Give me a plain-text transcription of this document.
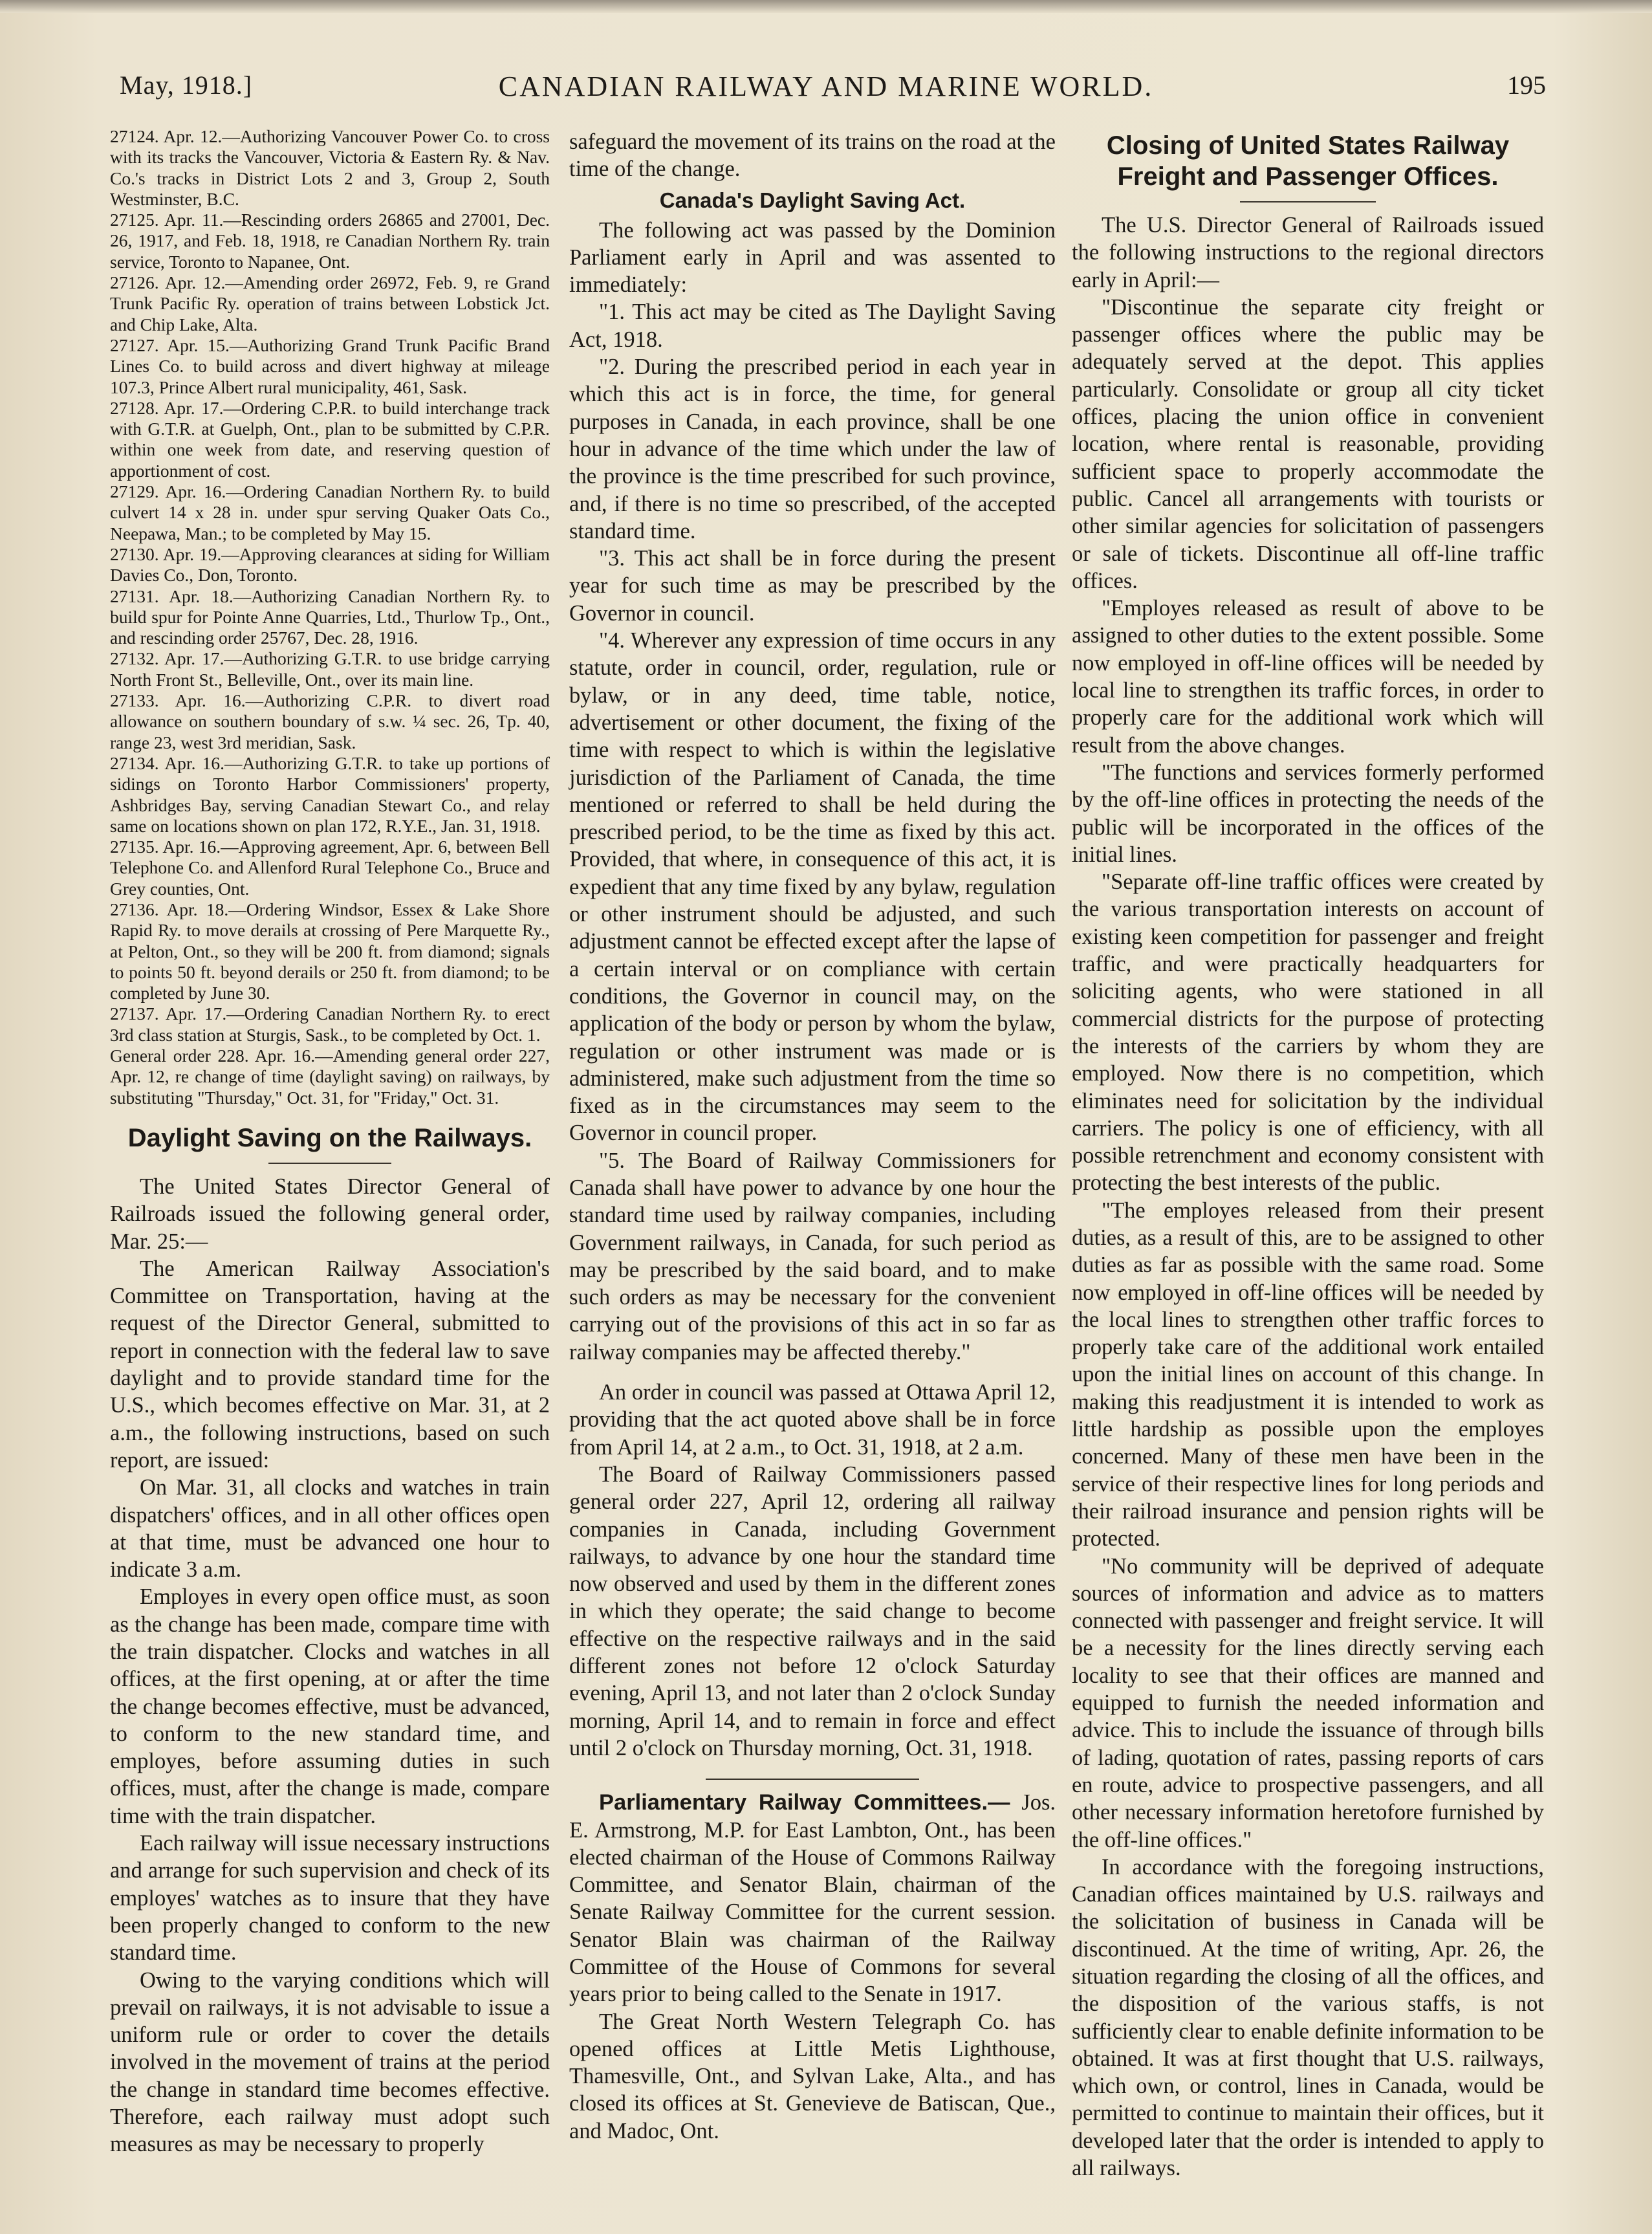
May, 1918.]	CANADIAN RAILWAY AND MARINE WORLD.	195

27124. Apr. 12.—Authorizing Vancouver Power Co. to cross with its tracks the Vancouver, Victoria & Eastern Ry. & Nav. Co.'s tracks in District Lots 2 and 3, Group 2, South Westminster, B.C.

27125. Apr. 11.—Rescinding orders 26865 and 27001, Dec. 26, 1917, and Feb. 18, 1918, re Canadian Northern Ry. train service, Toronto to Napanee, Ont.

27126. Apr. 12.—Amending order 26972, Feb. 9, re Grand Trunk Pacific Ry. operation of trains between Lobstick Jct. and Chip Lake, Alta.

27127. Apr. 15.—Authorizing Grand Trunk Pacific Brand Lines Co. to build across and divert highway at mileage 107.3, Prince Albert rural municipality, 461, Sask.

27128. Apr. 17.—Ordering C.P.R. to build interchange track with G.T.R. at Guelph, Ont., plan to be submitted by C.P.R. within one week from date, and reserving question of apportionment of cost.

27129. Apr. 16.—Ordering Canadian Northern Ry. to build culvert 14 x 28 in. under spur serving Quaker Oats Co., Neepawa, Man.; to be completed by May 15.

27130. Apr. 19.—Approving clearances at siding for William Davies Co., Don, Toronto.

27131. Apr. 18.—Authorizing Canadian Northern Ry. to build spur for Pointe Anne Quarries, Ltd., Thurlow Tp., Ont., and rescinding order 25767, Dec. 28, 1916.

27132. Apr. 17.—Authorizing G.T.R. to use bridge carrying North Front St., Belleville, Ont., over its main line.

27133. Apr. 16.—Authorizing C.P.R. to divert road allowance on southern boundary of s.w. ¼ sec. 26, Tp. 40, range 23, west 3rd meridian, Sask.

27134. Apr. 16.—Authorizing G.T.R. to take up portions of sidings on Toronto Harbor Commissioners' property, Ashbridges Bay, serving Canadian Stewart Co., and relay same on locations shown on plan 172, R.Y.E., Jan. 31, 1918.

27135. Apr. 16.—Approving agreement, Apr. 6, between Bell Telephone Co. and Allenford Rural Telephone Co., Bruce and Grey counties, Ont.

27136. Apr. 18.—Ordering Windsor, Essex & Lake Shore Rapid Ry. to move derails at crossing of Pere Marquette Ry., at Pelton, Ont., so they will be 200 ft. from diamond; signals to points 50 ft. beyond derails or 250 ft. from diamond; to be completed by June 30.

27137. Apr. 17.—Ordering Canadian Northern Ry. to erect 3rd class station at Sturgis, Sask., to be completed by Oct. 1.

General order 228. Apr. 16.—Amending general order 227, Apr. 12, re change of time (daylight saving) on railways, by substituting "Thursday," Oct. 31, for "Friday," Oct. 31.

Daylight Saving on the Railways.

The United States Director General of Railroads issued the following general order, Mar. 25:—

The American Railway Association's Committee on Transportation, having at the request of the Director General, submitted to report in connection with the federal law to save daylight and to provide standard time for the U.S., which becomes effective on Mar. 31, at 2 a.m., the following instructions, based on such report, are issued:

On Mar. 31, all clocks and watches in train dispatchers' offices, and in all other offices open at that time, must be advanced one hour to indicate 3 a.m.

Employes in every open office must, as soon as the change has been made, compare time with the train dispatcher. Clocks and watches in all offices, at the first opening, at or after the time the change becomes effective, must be advanced, to conform to the new standard time, and employes, before assuming duties in such offices, must, after the change is made, compare time with the train dispatcher.

Each railway will issue necessary instructions and arrange for such supervision and check of its employes' watches as to insure that they have been properly changed to conform to the new standard time.

Owing to the varying conditions which will prevail on railways, it is not advisable to issue a uniform rule or order to cover the details involved in the movement of trains at the period the change in standard time becomes effective. Therefore, each railway must adopt such measures as may be necessary to properly

safeguard the movement of its trains on the road at the time of the change.

Canada's Daylight Saving Act.

The following act was passed by the Dominion Parliament early in April and was assented to immediately:

"1. This act may be cited as The Daylight Saving Act, 1918.

"2. During the prescribed period in each year in which this act is in force, the time, for general purposes in Canada, in each province, shall be one hour in advance of the time which under the law of the province is the time prescribed for such province, and, if there is no time so prescribed, of the accepted standard time.

"3. This act shall be in force during the present year for such time as may be prescribed by the Governor in council.

"4. Wherever any expression of time occurs in any statute, order in council, order, regulation, rule or bylaw, or in any deed, time table, notice, advertisement or other document, the fixing of the time with respect to which is within the legislative jurisdiction of the Parliament of Canada, the time mentioned or referred to shall be held during the prescribed period, to be the time as fixed by this act. Provided, that where, in consequence of this act, it is expedient that any time fixed by any bylaw, regulation or other instrument should be adjusted, and such adjustment cannot be effected except after the lapse of a certain interval or on compliance with certain conditions, the Governor in council may, on the application of the body or person by whom the bylaw, regulation or other instrument was made or is administered, make such adjustment from the time so fixed as in the circumstances may seem to the Governor in council proper.

"5. The Board of Railway Commissioners for Canada shall have power to advance by one hour the standard time used by railway companies, including Government railways, in Canada, for such period as may be prescribed by the said board, and to make such orders as may be necessary for the convenient carrying out of the provisions of this act in so far as railway companies may be affected thereby."

An order in council was passed at Ottawa April 12, providing that the act quoted above shall be in force from April 14, at 2 a.m., to Oct. 31, 1918, at 2 a.m.

The Board of Railway Commissioners passed general order 227, April 12, ordering all railway companies in Canada, including Government railways, to advance by one hour the standard time now observed and used by them in the different zones in which they operate; the said change to become effective on the respective railways and in the said different zones not before 12 o'clock Saturday evening, April 13, and not later than 2 o'clock Sunday morning, April 14, and to remain in force and effect until 2 o'clock on Thursday morning, Oct. 31, 1918.

Parliamentary Railway Committees.— Jos. E. Armstrong, M.P. for East Lambton, Ont., has been elected chairman of the House of Commons Railway Committee, and Senator Blain, chairman of the Senate Railway Committee for the current session. Senator Blain was chairman of the Railway Committee of the House of Commons for several years prior to being called to the Senate in 1917.

The Great North Western Telegraph Co. has opened offices at Little Metis Lighthouse, Thamesville, Ont., and Sylvan Lake, Alta., and has closed its offices at St. Genevieve de Batiscan, Que., and Madoc, Ont.

Closing of United States Railway Freight and Passenger Offices.

The U.S. Director General of Railroads issued the following instructions to the regional directors early in April:—

"Discontinue the separate city freight or passenger offices where the public may be adequately served at the depot. This applies particularly. Consolidate or group all city ticket offices, placing the union office in convenient location, where rental is reasonable, providing sufficient space to properly accommodate the public. Cancel all arrangements with tourists or other similar agencies for solicitation of passengers or sale of tickets. Discontinue all off-line traffic offices.

"Employes released as result of above to be assigned to other duties to the extent possible. Some now employed in off-line offices will be needed by local line to strengthen its traffic forces, in order to properly care for the additional work which will result from the above changes.

"The functions and services formerly performed by the off-line offices in protecting the needs of the public will be incorporated in the offices of the initial lines.

"Separate off-line traffic offices were created by the various transportation interests on account of existing keen competition for passenger and freight traffic, and were practically headquarters for soliciting agents, who were stationed in all commercial districts for the purpose of protecting the interests of the carriers by whom they are employed. Now there is no competition, which eliminates need for solicitation by the individual carriers. The policy is one of efficiency, with all possible retrenchment and economy consistent with protecting the best interests of the public.

"The employes released from their present duties, as a result of this, are to be assigned to other duties as far as possible with the same road. Some now employed in off-line offices will be needed by the local lines to strengthen other traffic forces to properly take care of the additional work entailed upon the initial lines on account of this change. In making this readjustment it is intended to work as little hardship as possible upon the employes concerned. Many of these men have been in the service of their respective lines for long periods and their railroad insurance and pension rights will be protected.

"No community will be deprived of adequate sources of information and advice as to matters connected with passenger and freight service. It will be a necessity for the lines directly serving each locality to see that their offices are manned and equipped to furnish the needed information and advice. This to include the issuance of through bills of lading, quotation of rates, passing reports of cars en route, advice to prospective passengers, and all other necessary information heretofore furnished by the off-line offices."

In accordance with the foregoing instructions, Canadian offices maintained by U.S. railways and the solicitation of business in Canada will be discontinued. At the time of writing, Apr. 26, the situation regarding the closing of all the offices, and the disposition of the various staffs, is not sufficiently clear to enable definite information to be obtained. It was at first thought that U.S. railways, which own, or control, lines in Canada, would be permitted to continue to maintain their offices, but it developed later that the order is intended to apply to all railways.
